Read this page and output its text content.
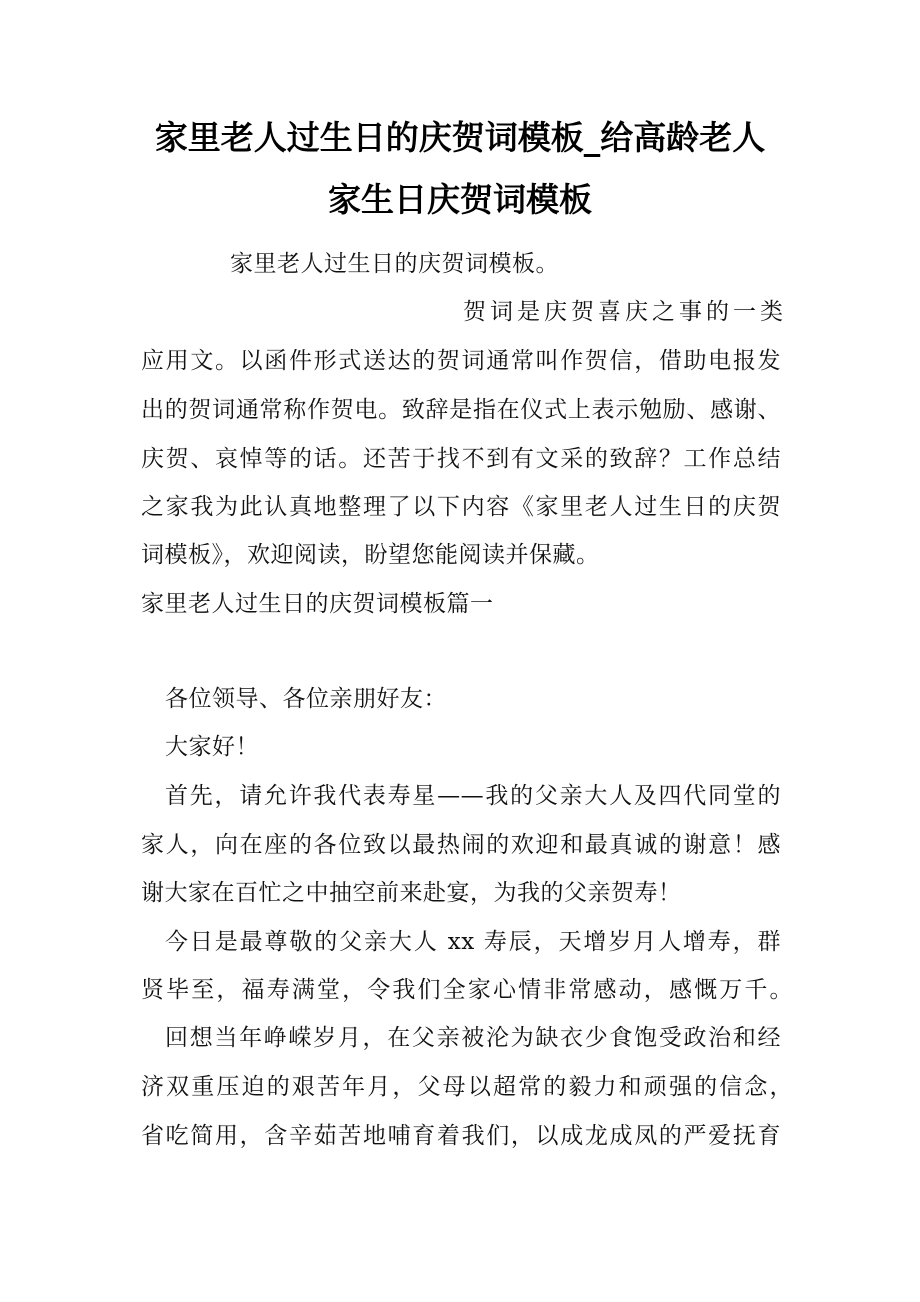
家里老人过生日的庆贺词模板_给高龄老人
家生日庆贺词模板
家里老人过生日的庆贺词模板。
贺词是庆贺喜庆之事的一类
应用文。以函件形式送达的贺词通常叫作贺信，借助电报发
出的贺词通常称作贺电。致辞是指在仪式上表示勉励、感谢、
庆贺、哀悼等的话。还苦于找不到有文采的致辞？工作总结
之家我为此认真地整理了以下内容《家里老人过生日的庆贺
词模板》，欢迎阅读，盼望您能阅读并保藏。
家里老人过生日的庆贺词模板篇一
各位领导、各位亲朋好友：
大家好！
首先，请允许我代表寿星——我的父亲大人及四代同堂的
家人，向在座的各位致以最热闹的欢迎和最真诚的谢意！感
谢大家在百忙之中抽空前来赴宴，为我的父亲贺寿！
今日是最尊敬的父亲大人 xx 寿辰，天增岁月人增寿，群
贤毕至，福寿满堂，令我们全家心情非常感动，感慨万千。
回想当年峥嵘岁月，在父亲被沦为缺衣少食饱受政治和经
济双重压迫的艰苦年月，父母以超常的毅力和顽强的信念，
省吃简用，含辛茹苦地哺育着我们，以成龙成凤的严爱抚育
